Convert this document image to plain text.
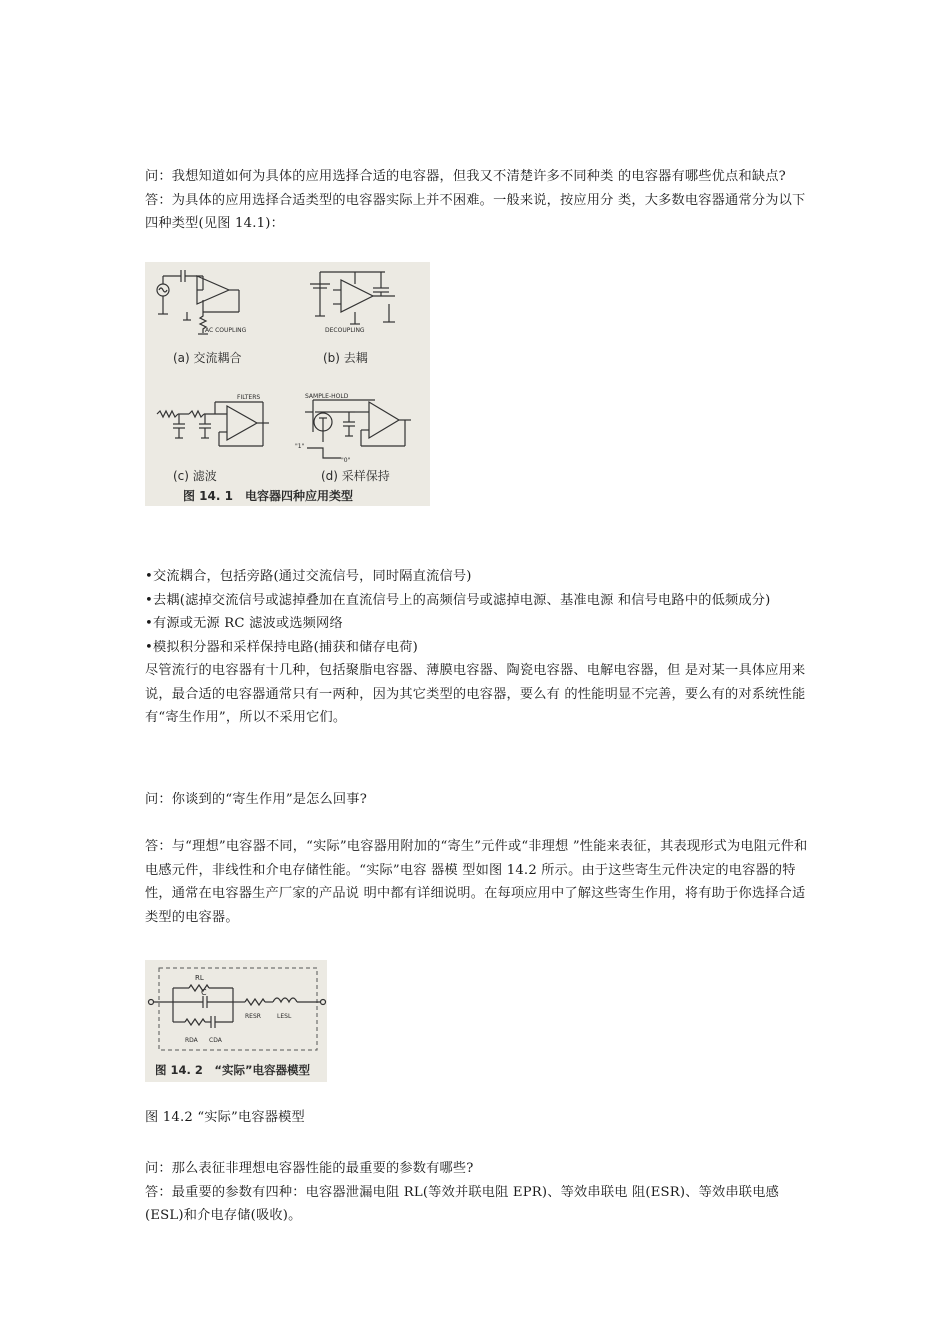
问：我想知道如何为具体的应用选择合适的电容器，但我又不清楚许多不同种类 的电容器有哪些优点和缺点?

答：为具体的应用选择合适类型的电容器实际上并不困难。一般来说，按应用分 类，大多数电容器通常分为以下四种类型(见图 14.1)：

AC COUPLING
(a) 交流耦合
DECOUPLING
(b) 去耦
FILTERS
(c) 滤波
SAMPLE-HOLD
"1"
"0"
(d) 采样保持
图 14. 1　电容器四种应用类型

•交流耦合，包括旁路(通过交流信号，同时隔直流信号)

•去耦(滤掉交流信号或滤掉叠加在直流信号上的高频信号或滤掉电源、基准电源 和信号电路中的低频成分)

•有源或无源 RC 滤波或选频网络

•模拟积分器和采样保持电路(捕获和储存电荷)

尽管流行的电容器有十几种，包括聚脂电容器、薄膜电容器、陶瓷电容器、电解电容器，但 是对某一具体应用来说，最合适的电容器通常只有一两种，因为其它类型的电容器，要么有 的性能明显不完善，要么有的对系统性能有“寄生作用”，所以不采用它们。

问：你谈到的“寄生作用”是怎么回事?

答：与“理想”电容器不同，“实际”电容器用附加的“寄生”元件或“非理想 ”性能来表征，其表现形式为电阻元件和电感元件，非线性和介电存储性能。“实际”电容 器模 型如图 14.2 所示。由于这些寄生元件决定的电容器的特性，通常在电容器生产厂家的产品说 明中都有详细说明。在每项应用中了解这些寄生作用，将有助于你选择合适类型的电容器。

RL
C
RESR	LESL
RDA CDA
图 14. 2　“实际”电容器模型

图 14.2 “实际”电容器模型

问：那么表征非理想电容器性能的最重要的参数有哪些?

答：最重要的参数有四种：电容器泄漏电阻 RL(等效并联电阻 EPR)、等效串联电 阻(ESR)、等效串联电感(ESL)和介电存储(吸收)。
